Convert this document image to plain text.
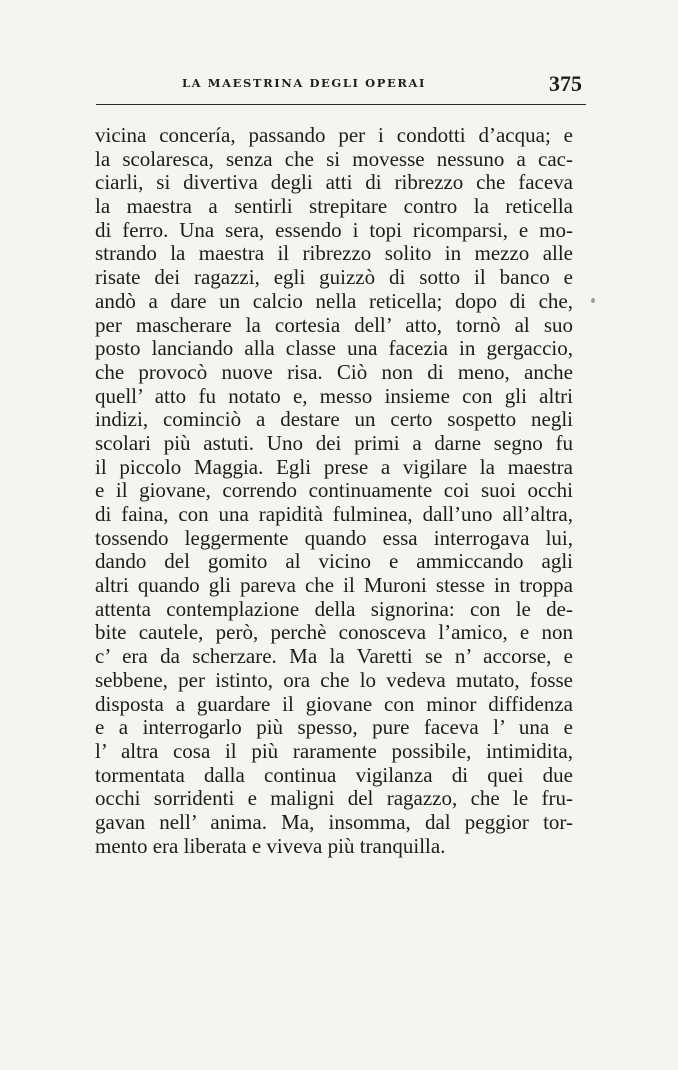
LA MAESTRINA DEGLI OPERAI	375
vicina concería, passando per i condotti d’acqua; e
la scolaresca, senza che si movesse nessuno a cac-
ciarli, si divertiva degli atti di ribrezzo che faceva
la maestra a sentirli strepitare contro la reticella
di ferro. Una sera, essendo i topi ricomparsi, e mo-
strando la maestra il ribrezzo solito in mezzo alle
risate dei ragazzi, egli guizzò di sotto il banco e
andò a dare un calcio nella reticella; dopo di che,
per mascherare la cortesia dell’ atto, tornò al suo
posto lanciando alla classe una facezia in gergaccio,
che provocò nuove risa. Ciò non di meno, anche
quell’ atto fu notato e, messo insieme con gli altri
indizi, cominciò a destare un certo sospetto negli
scolari più astuti. Uno dei primi a darne segno fu
il piccolo Maggia. Egli prese a vigilare la maestra
e il giovane, correndo continuamente coi suoi occhi
di faina, con una rapidità fulminea, dall’uno all’altra,
tossendo leggermente quando essa interrogava lui,
dando del gomito al vicino e ammiccando agli
altri quando gli pareva che il Muroni stesse in troppa
attenta contemplazione della signorina: con le de-
bite cautele, però, perchè conosceva l’amico, e non
c’ era da scherzare. Ma la Varetti se n’ accorse, e
sebbene, per istinto, ora che lo vedeva mutato, fosse
disposta a guardare il giovane con minor diffidenza
e a interrogarlo più spesso, pure faceva l’ una e
l’ altra cosa il più raramente possibile, intimidita,
tormentata dalla continua vigilanza di quei due
occhi sorridenti e maligni del ragazzo, che le fru-
gavan nell’ anima. Ma, insomma, dal peggior tor-
mento era liberata e viveva più tranquilla.
